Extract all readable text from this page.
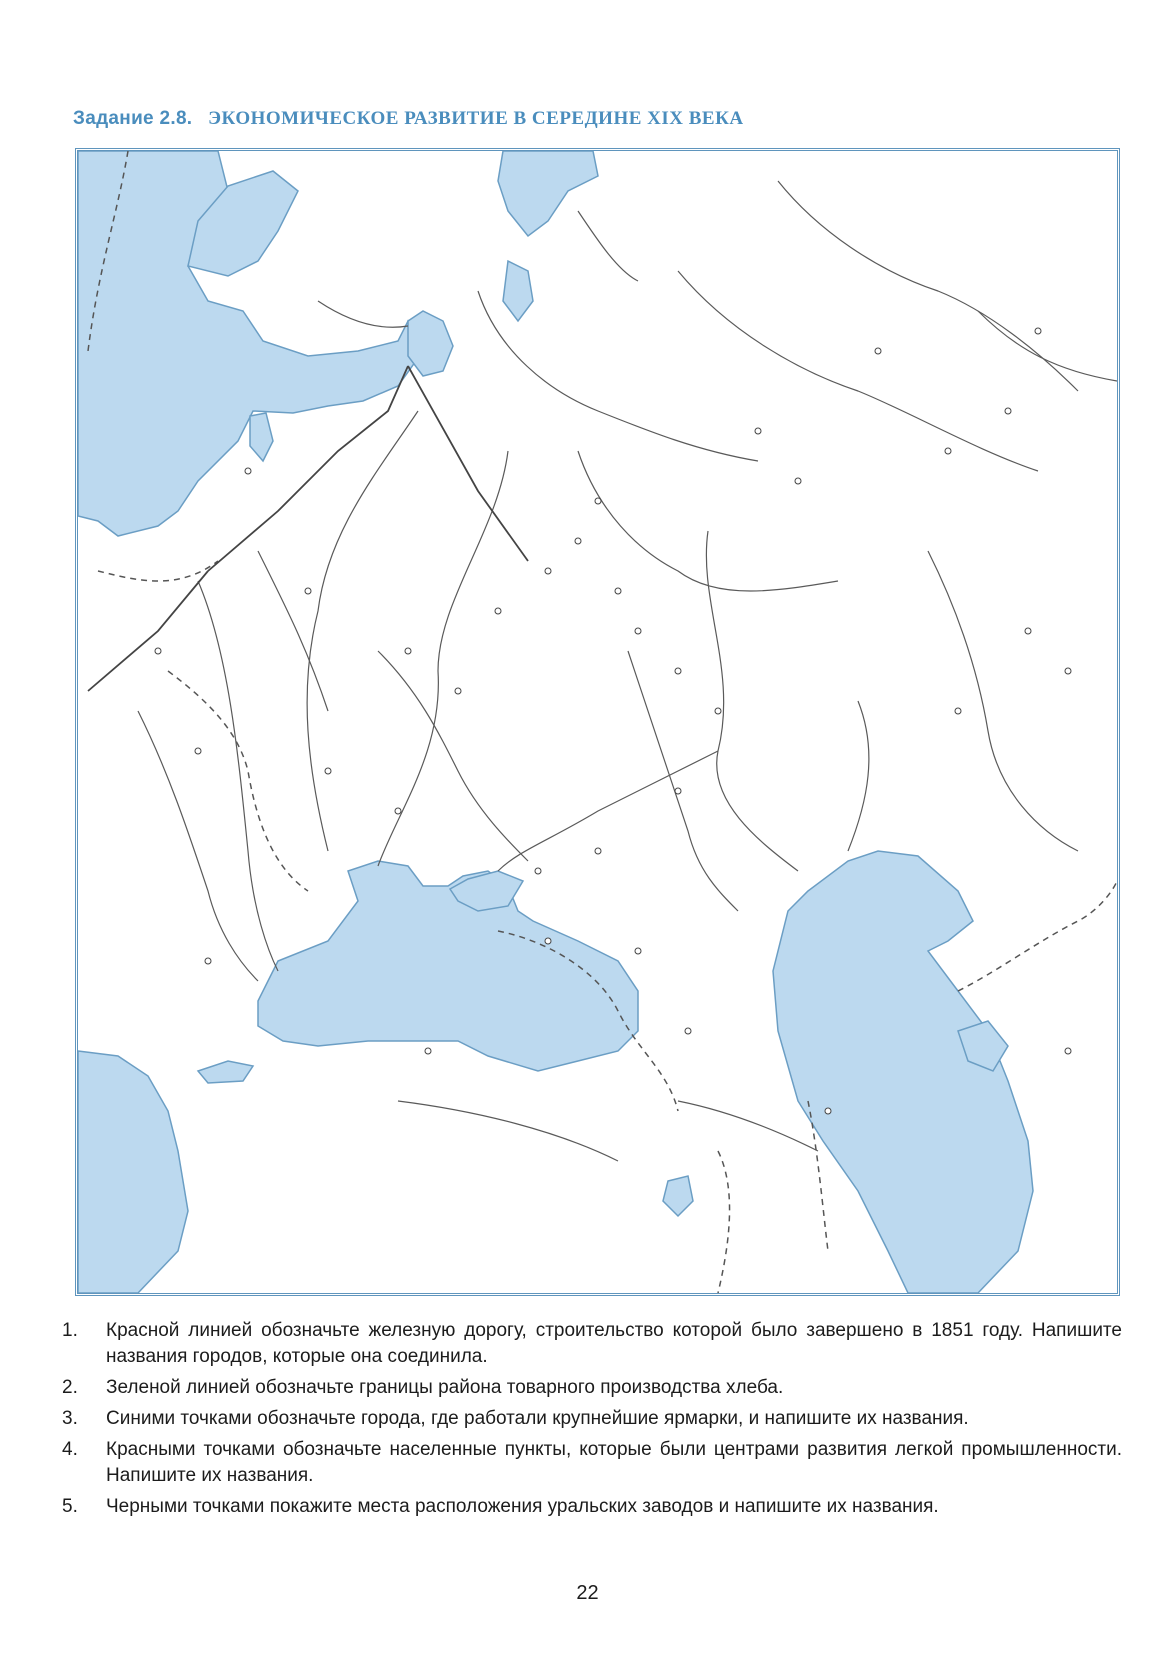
Задание 2.8. ЭКОНОМИЧЕСКОЕ РАЗВИТИЕ В СЕРЕДИНЕ XIX ВЕКА
1.	Красной линией обозначьте железную дорогу, строительство которой было завершено в 1851 году. Напишите названия городов, которые она соединила.
2.	Зеленой линией обозначьте границы района товарного производства хлеба.
3.	Синими точками обозначьте города, где работали крупнейшие ярмарки, и напишите их названия.
4.	Красными точками обозначьте населенные пункты, которые были центрами развития легкой промышленности. Напишите их названия.
5.	Черными точками покажите места расположения уральских заводов и напишите их названия.
22
